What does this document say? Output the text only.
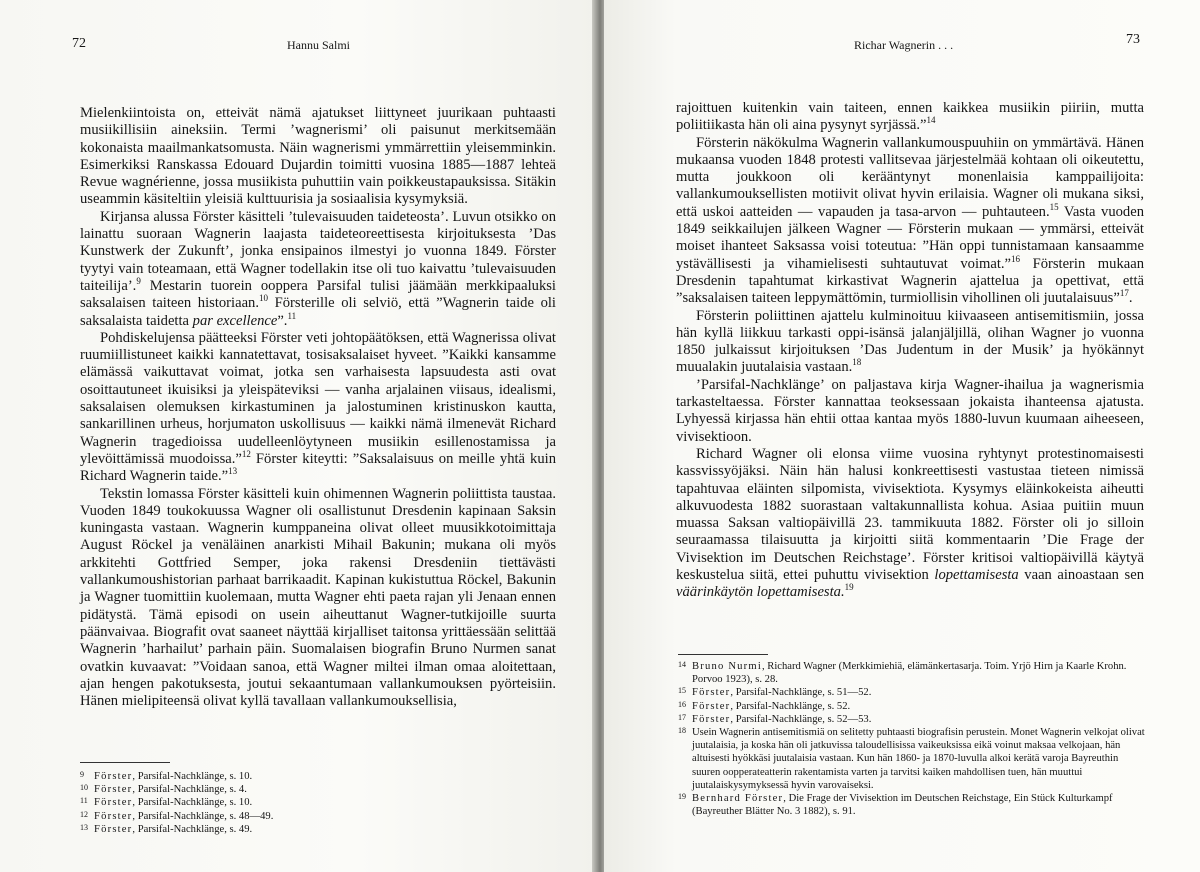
72	Hannu Salmi

Mielenkiintoista on, etteivät nämä ajatukset liittyneet juurikaan puhtaasti musiikillisiin aineksiin. Termi ’wagnerismi’ oli paisunut merkitsemään kokonaista maailmankatsomusta. Näin wagnerismi ymmärrettiin yleisemminkin. Esimerkiksi Ranskassa Edouard Dujardin toimitti vuosina 1885—1887 lehteä Revue wagnérienne, jossa musiikista puhuttiin vain poikkeustapauksissa. Sitäkin useammin käsiteltiin yleisiä kulttuurisia ja sosiaalisia kysymyksiä.

Kirjansa alussa Förster käsitteli ’tulevaisuuden taideteosta’. Luvun otsikko on lainattu suoraan Wagnerin laajasta taideteoreettisesta kirjoituksesta ’Das Kunstwerk der Zukunft’, jonka ensipainos ilmestyi jo vuonna 1849. Förster tyytyi vain toteamaan, että Wagner todellakin itse oli tuo kaivattu ’tulevaisuuden taiteilija’.$^9$ Mestarin tuorein ooppera Parsifal tulisi jäämään merkkipaaluksi saksalaisen taiteen historiaan.$^{10}$ Försterille oli selviö, että ”Wagnerin taide oli saksalaista taidetta par excellence”.$^{11}$

Pohdiskelujensa päätteeksi Förster veti johtopäätöksen, että Wagnerissa olivat ruumiillistuneet kaikki kannatettavat, tosisaksalaiset hyveet. ”Kaikki kansamme elämässä vaikuttavat voimat, jotka sen varhaisesta lapsuudesta asti ovat osoittautuneet ikuisiksi ja yleispäteviksi — vanha arjalainen viisaus, idealismi, saksalaisen olemuksen kirkastuminen ja jalostuminen kristinuskon kautta, sankarillinen urheus, horjumaton uskollisuus — kaikki nämä ilmenevät Richard Wagnerin tragedioissa uudelleenlöytyneen musiikin esillenostamissa ja ylevöittämissä muodoissa.”$^{12}$ Förster kiteytti: ”Saksalaisuus on meille yhtä kuin Richard Wagnerin taide.”$^{13}$

Tekstin lomassa Förster käsitteli kuin ohimennen Wagnerin poliittista taustaa. Vuoden 1849 toukokuussa Wagner oli osallistunut Dresdenin kapinaan Saksin kuningasta vastaan. Wagnerin kumppaneina olivat olleet muusikkotoimittaja August Röckel ja venäläinen anarkisti Mihail Bakunin; mukana oli myös arkkitehti Gottfried Semper, joka rakensi Dresdeniin tiettävästi vallankumoushistorian parhaat barrikaadit. Kapinan kukistuttua Röckel, Bakunin ja Wagner tuomittiin kuolemaan, mutta Wagner ehti paeta rajan yli Jenaan ennen pidätystä. Tämä episodi on usein aiheuttanut Wagner-tutkijoille suurta päänvaivaa. Biografit ovat saaneet näyttää kirjalliset taitonsa yrittäessään selittää Wagnerin ’harhailut’ parhain päin. Suomalaisen biografin Bruno Nurmen sanat ovatkin kuvaavat: ”Voidaan sanoa, että Wagner miltei ilman omaa aloitettaan, ajan hengen pakotuksesta, joutui sekaantumaan vallankumouksen pyörteisiin. Hänen mielipiteensä olivat kyllä tavallaan vallankumouksellisia,

9 Förster, Parsifal-Nachklänge, s. 10.
10 Förster, Parsifal-Nachklänge, s. 4.
11 Förster, Parsifal-Nachklänge, s. 10.
12 Förster, Parsifal-Nachklänge, s. 48—49.
13 Förster, Parsifal-Nachklänge, s. 49.
Richar Wagnerin . . .	73

rajoittuen kuitenkin vain taiteen, ennen kaikkea musiikin piiriin, mutta poliitiikasta hän oli aina pysynyt syrjässä.”$^{14}$

Försterin näkökulma Wagnerin vallankumouspuuhiin on ymmärtävä. Hänen mukaansa vuoden 1848 protesti vallitsevaa järjestelmää kohtaan oli oikeutettu, mutta joukkoon oli kerääntynyt monenlaisia kamppailijoita: vallankumouksellisten motiivit olivat hyvin erilaisia. Wagner oli mukana siksi, että uskoi aatteiden — vapauden ja tasa-arvon — puhtauteen.$^{15}$ Vasta vuoden 1849 seikkailujen jälkeen Wagner — Försterin mukaan — ymmärsi, etteivät moiset ihanteet Saksassa voisi toteutua: ”Hän oppi tunnistamaan kansaamme ystävällisesti ja vihamielisesti suhtautuvat voimat.”$^{16}$ Försterin mukaan Dresdenin tapahtumat kirkastivat Wagnerin ajattelua ja opettivat, että ”saksalaisen taiteen leppymättömin, turmiollisin vihollinen oli juutalaisuus”$^{17}$.

Försterin poliittinen ajattelu kulminoituu kiivaaseen antisemitismiin, jossa hän kyllä liikkuu tarkasti oppi-isänsä jalanjäljillä, olihan Wagner jo vuonna 1850 julkaissut kirjoituksen ’Das Judentum in der Musik’ ja hyökännyt muualakin juutalaisia vastaan.$^{18}$

’Parsifal-Nachklänge’ on paljastava kirja Wagner-ihailua ja wagnerismia tarkasteltaessa. Förster kannattaa teoksessaan jokaista ihanteensa ajatusta. Lyhyessä kirjassa hän ehtii ottaa kantaa myös 1880-luvun kuumaan aiheeseen, vivisektioon.

Richard Wagner oli elonsa viime vuosina ryhtynyt protestinomaisesti kassvissyöjäksi. Näin hän halusi konkreettisesti vastustaa tieteen nimissä tapahtuvaa eläinten silpomista, vivisektiota. Kysymys eläinkokeista aiheutti alkuvuodesta 1882 suorastaan valtakunnallista kohua. Asiaa puitiin muun muassa Saksan valtiopäivillä 23. tammikuuta 1882. Förster oli jo silloin seuraamassa tilaisuutta ja kirjoitti siitä kommentaarin ’Die Frage der Vivisektion im Deutschen Reichstage’. Förster kritisoi valtiopäivillä käytyä keskustelua siitä, ettei puhuttu vivisektion lopettamisesta vaan ainoastaan sen väärinkäytön lopettamisesta.$^{19}$

14 Bruno Nurmi, Richard Wagner (Merkkimiehiä, elämänkertasarja. Toim. Yrjö Hirn ja Kaarle Krohn. Porvoo 1923), s. 28.
15 Förster, Parsifal-Nachklänge, s. 51—52.
16 Förster, Parsifal-Nachklänge, s. 52.
17 Förster, Parsifal-Nachklänge, s. 52—53.
18 Usein Wagnerin antisemitismiä on selitetty puhtaasti biografisin perustein. Monet Wagnerin velkojat olivat juutalaisia, ja koska hän oli jatkuvissa taloudellisissa vaikeuksissa eikä voinut maksaa velkojaan, hän altuisesti hyökkäsi juutalaisia vastaan. Kun hän 1860- ja 1870-luvulla alkoi kerätä varoja Bayreuthin suuren oopperateatterin rakentamista varten ja tarvitsi kaiken mahdollisen tuen, hän muuttui juutalaiskysymyksessä hyvin varovaiseksi.
19 Bernhard Förster, Die Frage der Vivisektion im Deutschen Reichstage, Ein Stück Kulturkampf (Bayreuther Blätter No. 3 1882), s. 91.
